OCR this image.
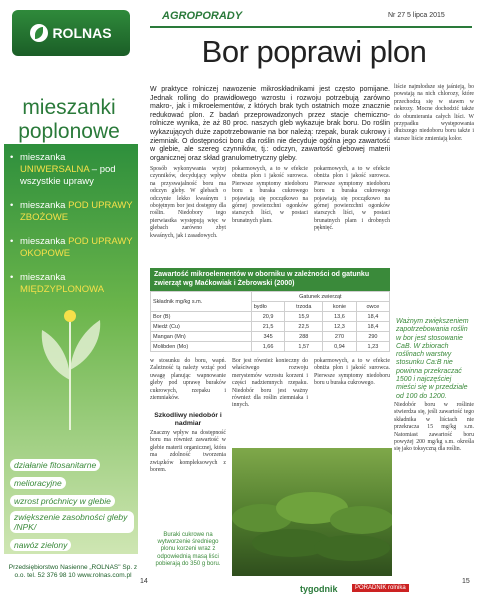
ROLNAS
mieszanki
poplonowe
• mieszanka UNIWERSALNA – pod wszystkie uprawy
• mieszanka POD UPRAWY ZBOŻOWE
• mieszanka POD UPRAWY OKOPOWE
• mieszanka MIĘDZYPLONOWA
działanie fitosanitarne
melioracyjne
wzrost próchnicy w glebie
zwiększenie zasobności gleby /NPK/
nawóz zielony
Przedsiębiorstwo Nasienne „ROLNAS" Sp. z o.o. tel. 52 376 98 10 www.rolnas.com.pl
AGROPORADY	Nr 27 5 lipca 2015
Bor poprawi plon
W praktyce rolniczej nawozenie mikroskładnikami jest często pomijane. Jednak rolling do prawidłowego wzrostu i rozwoju potrzebują zarówno makro-, jak i mikroelementów, z których brak tych ostatnich może znacznie redukować plon. Z badań przeprowadzonych przez stacje chemiczno-rolnicze wynika, że aż 80 proc. naszych gleb wykazuje brak boru. Do roślin wykazujących duże zapotrzebowanie na bor należą: rzepak, burak cukrowy i ziemniak. O dostępności boru dla roślin nie decyduje ogólna jego zawartość w glebie, ale szereg czynników, tj.: odczyn, zawartość glebowej materii organicznej oraz skład granulometryczny gleby.
Sposób wykonywania wyżej czynników, decydujący wpływ na przyswajalność boru ma odczyn gleby. W glebach o odczynie lekko kwaśnym i obojętnym bor jest dostępny dla roślin. Niedobory tego pierwiastka występują więc w glebach zarówno zbyt kwaśnych, jak i zasadowych.
pokarmowych, a to w efekcie obniża plon i jakość surowca. Pierwsze symptomy niedoboru boru u buraka cukrowego pojawiają się początkowo na górnej powierzchni ogonków starszych liści, w postaci brunatnych plam.
pokarmowych, a to w efekcie obniża plon i jakość surowca. Pierwsze symptomy niedoboru boru u buraka cukrowego pojawiają się początkowo na górnej powierzchni ogonków starszych liści, w postaci brunatnych plam i drobnych pęknięć.
liście najmłodsze się jaśnieją, bo powstają na nich chlorozy, które przechodzą się w stawm w nekrozy. Mocne dochodzić także do obumierania całych liści. W przypadku występowania dłuższego niedoboru boru także i starsze liście zmieniają kolor.
Ważnym zwiększeniem zapotrzebowania roślin w bor jest stosowanie CaB. W zbiorach roślinach warstwy stosunku Ca:B nie powinna przekraczać 1500 i najczęściej mieści się w przedziale od 100 do 1200.
Niedobór boru w roślinie stwierdza się, jeśli zawartość tego składnika w liściach nie przekracza 15 mg/kg s.m. Natomiast zawartość boru powyżej 200 mg/kg s.m. określa się jako toksyczną dla roślin.
Zawartość mikroelementów w oborniku w zależności od gatunku zwierząt wg Maćkowiak i Żebrowski (2000)
Składnik mg/kg s.m.	Gatunek zwierząt			
	bydło	trzoda	konie	owce
Bor (B)	20,9	15,9	13,6	18,4
Miedź (Cu)	21,5	22,5	12,3	18,4
Mangan (Mn)	345	288	270	290
Molibden (Mo)	1,66	1,57	0,94	1,23
w stosunku do boru, wapń. Zależność tą należy wziąć pod uwagę planując wapnowanie gleby pod uprawę buraków cukrowych, rzepaku i ziemniaków.
Bor jest również konieczny do właściwego rozwoju merystemów wzrostu korzeni i części nadziemnych rzepaku. Niedobór boru jest ważny również dla roślin ziemniaka i innych.
pokarmowych, a to w efekcie obniża plon i jakość surowca. Pierwsze symptomy niedoboru boru u buraka cukrowego.
Szkodliwy niedobór i nadmiar
Znaczny wpływ na dostępność boru ma również zawartość w glebie materii organicznej, która ma zdolność tworzenia związków kompleksowych z borem.
Buraki cukrowe na wytworzenie średniego plonu korzeni wraz z odpowiednią masą liści pobierają do 350 g boru.
14
tygodnik	PORADNIK rolnika
15
